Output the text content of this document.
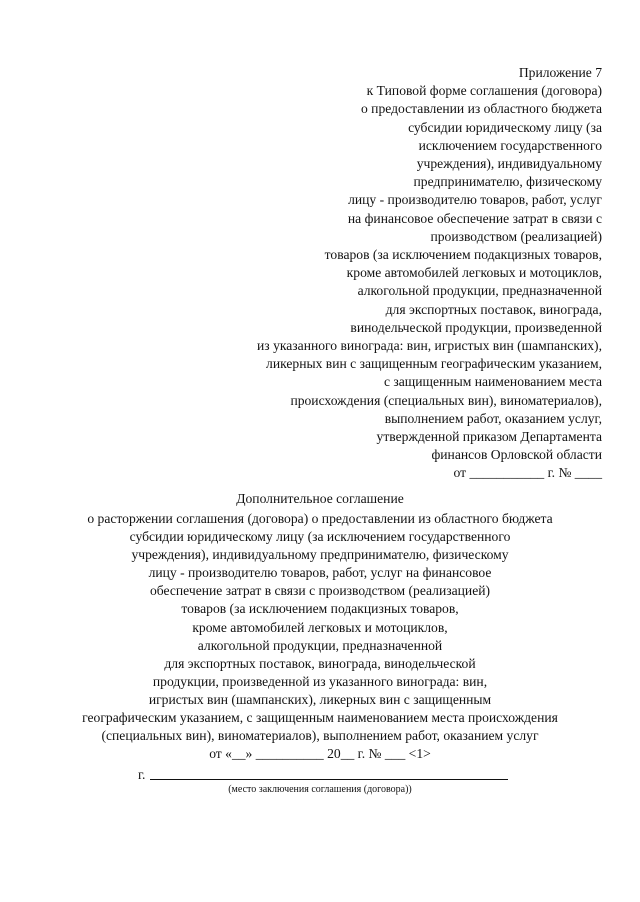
Приложение 7
к Типовой форме соглашения (договора)
о предоставлении из областного бюджета
субсидии юридическому лицу (за
исключением государственного
учреждения), индивидуальному
предпринимателю, физическому
лицу - производителю товаров, работ, услуг
на финансовое обеспечение затрат в связи с
производством (реализацией)
товаров (за исключением подакцизных товаров,
кроме автомобилей легковых и мотоциклов,
алкогольной продукции, предназначенной
для экспортных поставок, винограда,
винодельческой продукции, произведенной
из указанного винограда: вин, игристых вин (шампанских),
ликерных вин с защищенным географическим указанием,
с защищенным наименованием места
происхождения (специальных вин), виноматериалов),
выполнением работ, оказанием услуг,
утвержденной приказом Департамента
финансов Орловской области
от ___________ г. № ____
Дополнительное соглашение
о расторжении соглашения (договора) о предоставлении из областного бюджета
субсидии юридическому лицу (за исключением государственного
учреждения), индивидуальному предпринимателю, физическому
лицу - производителю товаров, работ, услуг на финансовое
обеспечение затрат в связи с производством (реализацией)
товаров (за исключением подакцизных товаров,
кроме автомобилей легковых и мотоциклов,
алкогольной продукции, предназначенной
для экспортных поставок, винограда, винодельческой
продукции, произведенной из указанного винограда: вин,
игристых вин (шампанских), ликерных вин с защищенным
географическим указанием, с защищенным наименованием места происхождения
(специальных вин), виноматериалов), выполнением работ, оказанием услуг
от «__» __________ 20__ г. № ___ <1>
г.
(место заключения соглашения (договора))
